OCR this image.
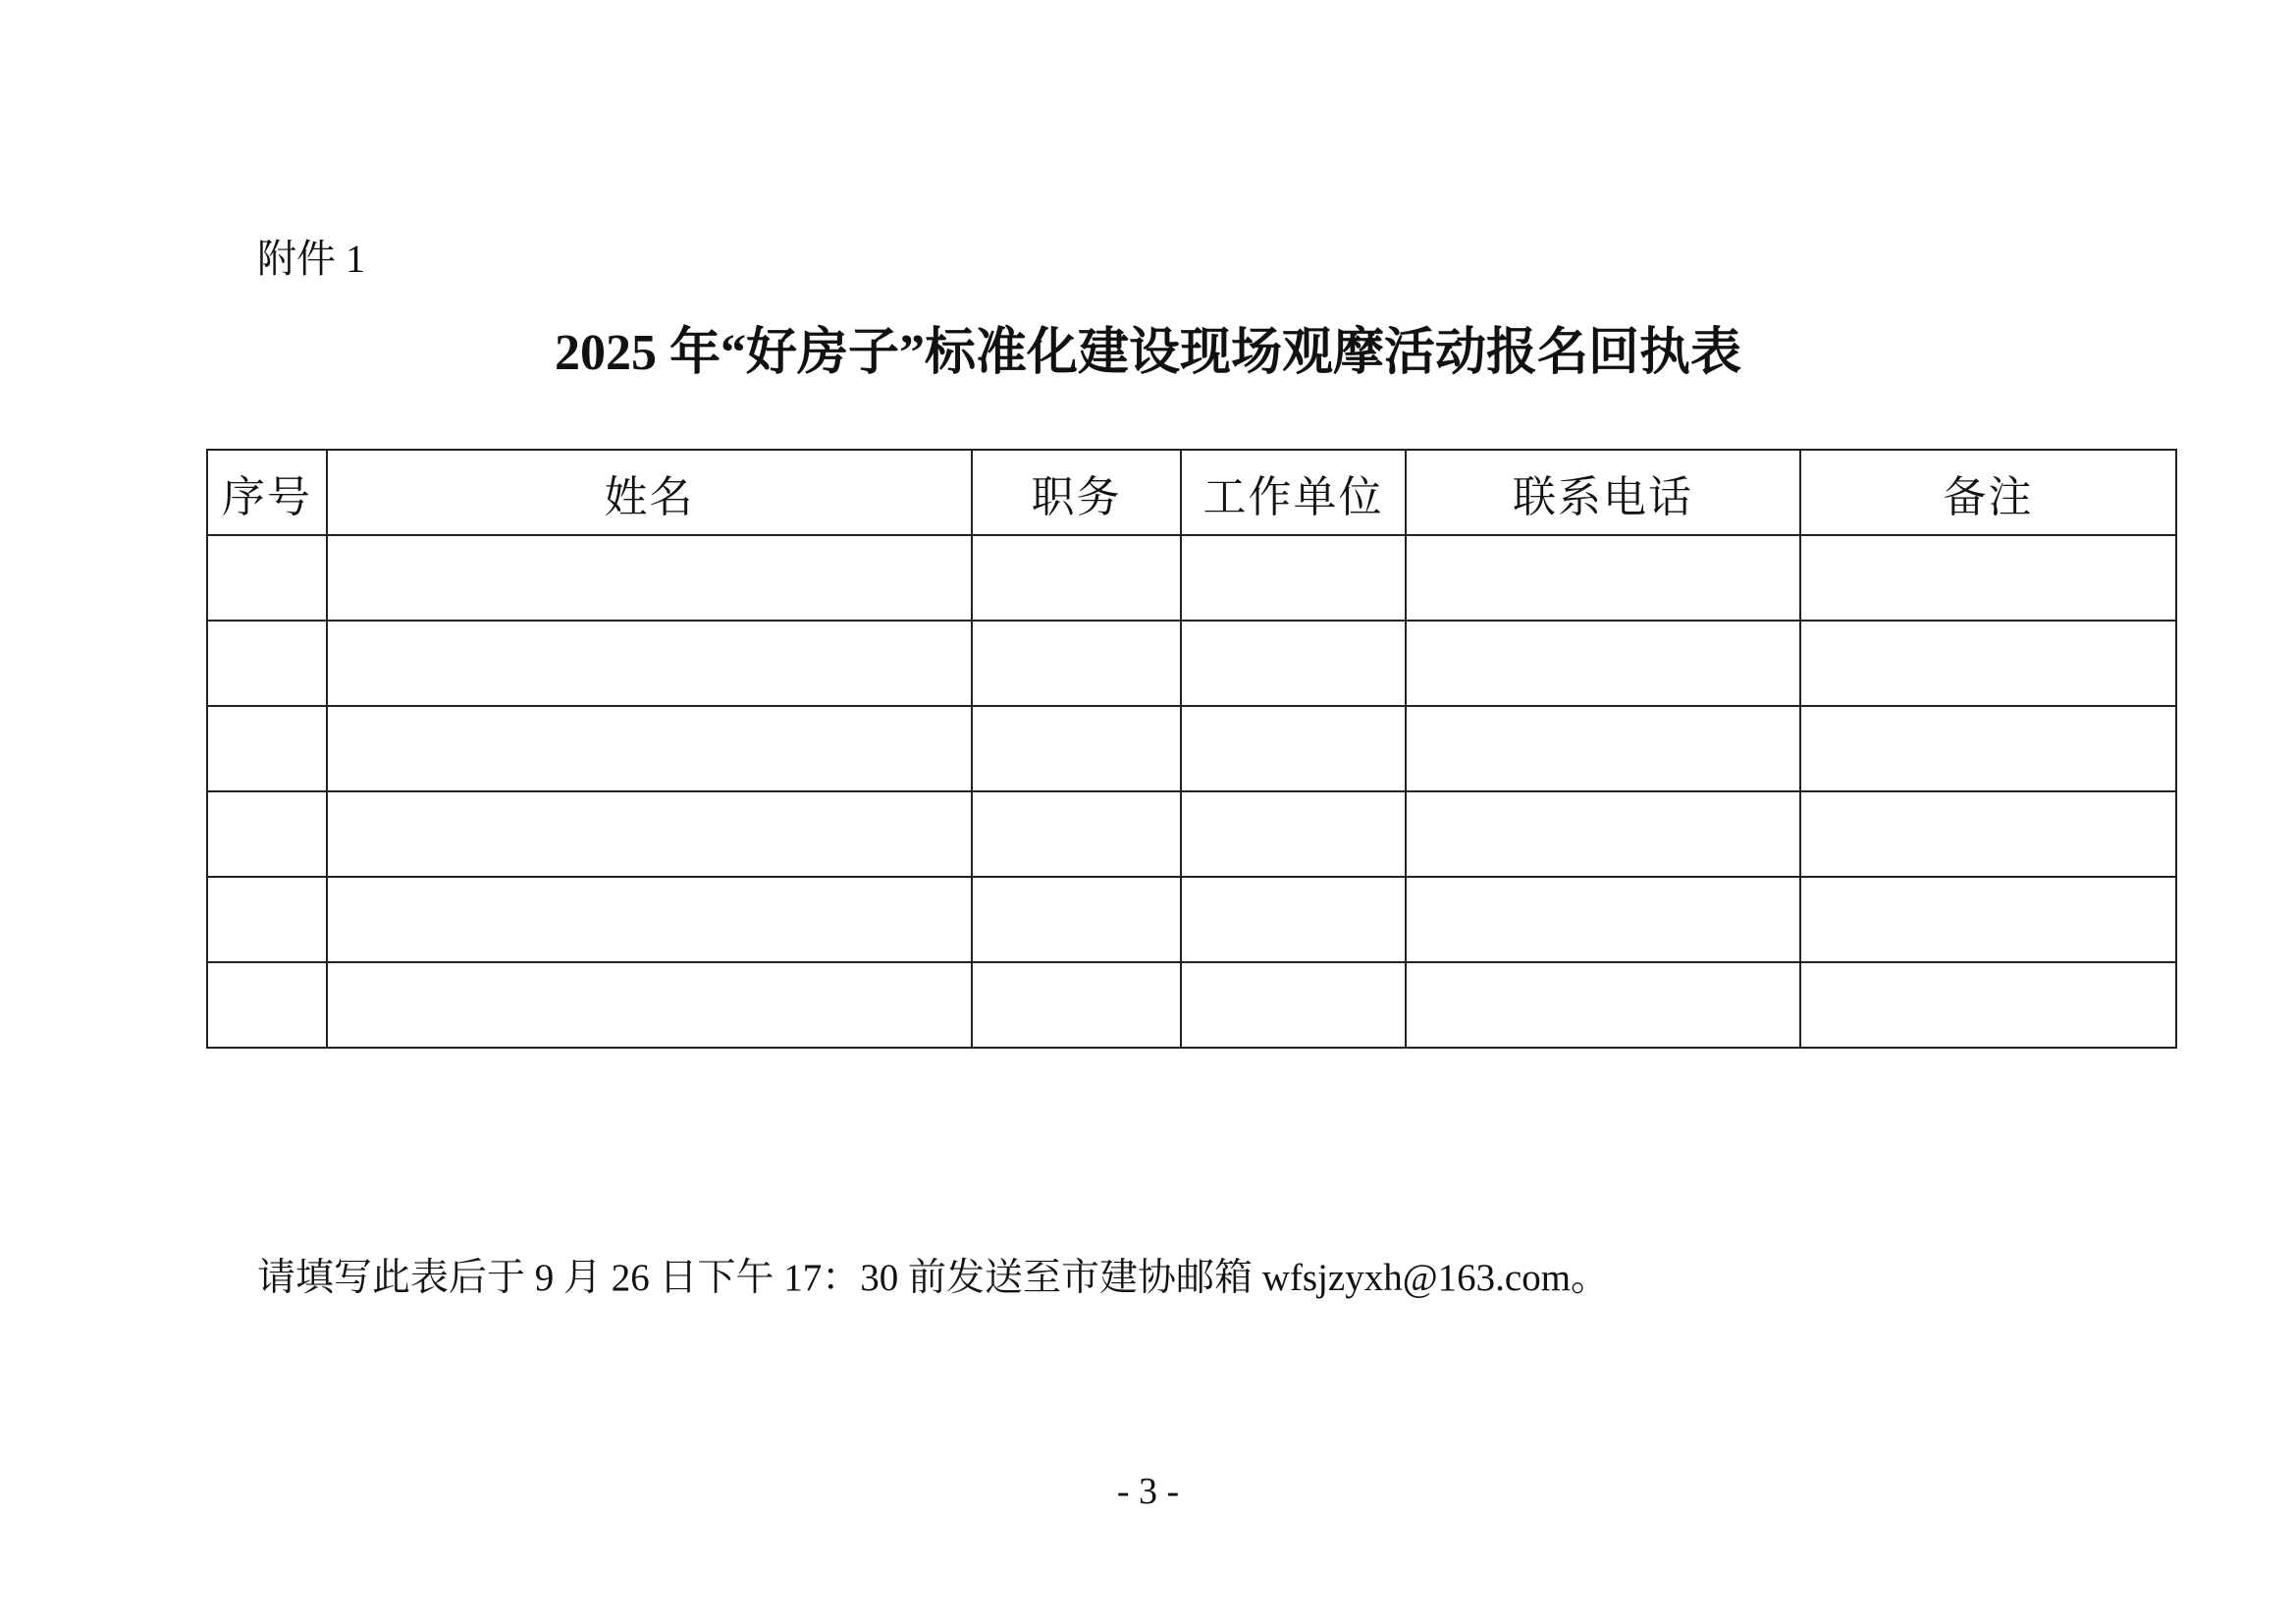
附件 1
2025 年“好房子”标准化建设现场观摩活动报名回执表
序号	姓名	职务	工作单位	联系电话	备注

请填写此表后于 9 月 26 日下午 17：30 前发送至市建协邮箱 wfsjzyxh@163.com。
- 3 -
